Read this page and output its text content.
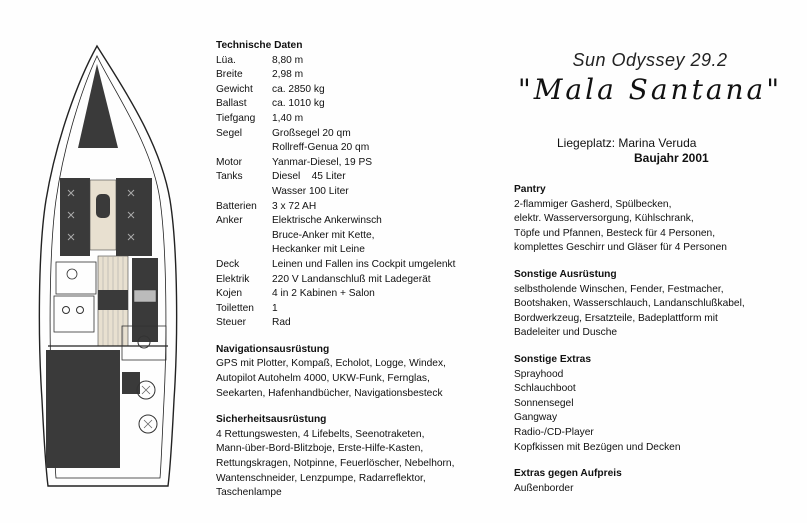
Sun Odyssey 29.2
"Mala Santana"
Liegeplatz: Marina Veruda
Baujahr 2001
Technische Daten
Lüa.	8,80 m
Breite	2,98 m
Gewicht ca. 2850 kg
Ballast ca. 1010 kg
Tiefgang 1,40 m
Segel	Großsegel 20 qm
Rollreff-Genua 20 qm
Motor	Yanmar-Diesel, 19 PS
Tanks	Diesel    45 Liter
Wasser 100 Liter
Batterien 3 x 72 AH
Anker	Elektrische Ankerwinsch
Bruce-Anker mit Kette,
Heckanker mit Leine
Deck	Leinen und Fallen ins Cockpit umgelenkt
Elektrik 220 V Landanschluß mit Ladegerät
Kojen	4 in 2 Kabinen + Salon
Toiletten 1
Steuer	Rad
Navigationsausrüstung
GPS mit Plotter, Kompaß, Echolot, Logge, Windex,
Autopilot Autohelm 4000, UKW-Funk, Fernglas,
Seekarten, Hafenhandbücher, Navigationsbesteck
Sicherheitsausrüstung
4 Rettungswesten, 4 Lifebelts, Seenotraketen,
Mann-über-Bord-Blitzboje, Erste-Hilfe-Kasten,
Rettungskragen, Notpinne, Feuerlöscher, Nebelhorn,
Wantenschneider, Lenzpumpe, Radarreflektor,
Taschenlampe
Pantry
2-flammiger Gasherd, Spülbecken,
elektr. Wasserversorgung, Kühlschrank,
Töpfe und Pfannen, Besteck für 4 Personen,
komplettes Geschirr und Gläser für 4 Personen
Sonstige Ausrüstung
selbstholende Winschen, Fender, Festmacher,
Bootshaken, Wasserschlauch, Landanschlußkabel,
Bordwerkzeug, Ersatzteile, Badeplattform mit
Badeleiter und Dusche
Sonstige Extras
Sprayhood
Schlauchboot
Sonnensegel
Gangway
Radio-/CD-Player
Kopfkissen mit Bezügen und Decken
Extras gegen Aufpreis
Außenborder
